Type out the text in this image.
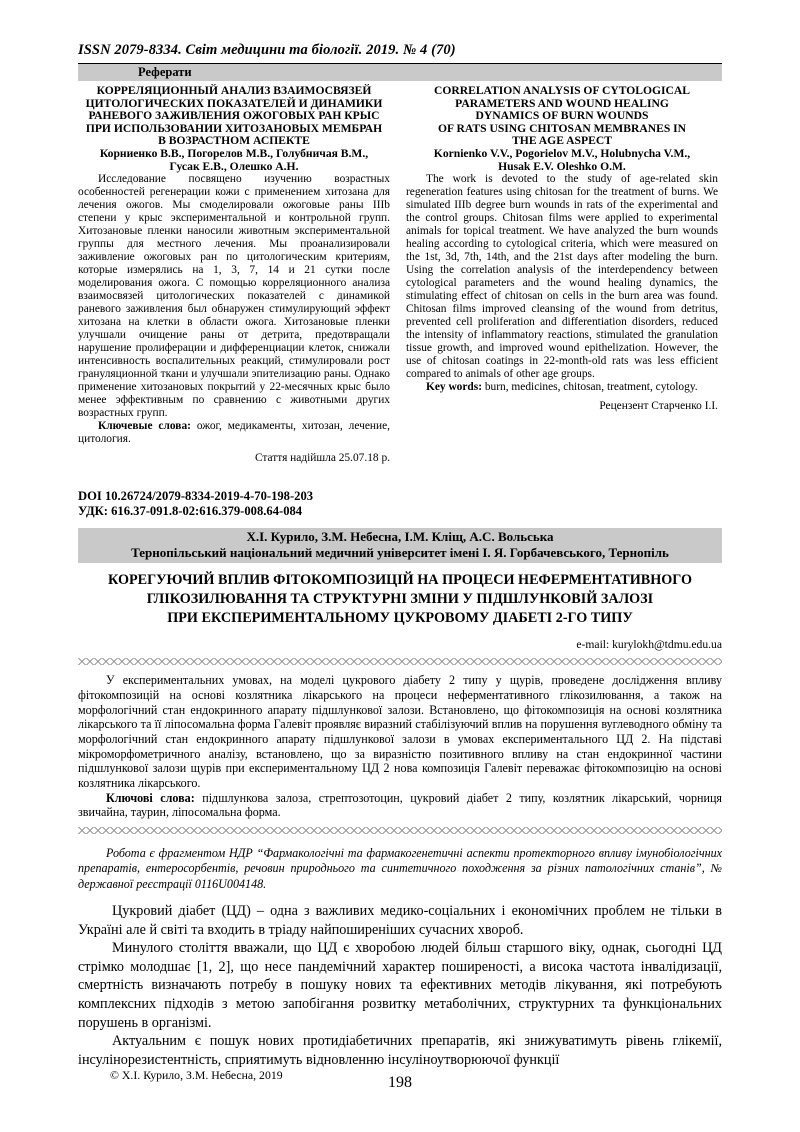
ISSN 2079-8334. Світ медицини та біології. 2019. № 4 (70)
Реферати
КОРРЕЛЯЦИОННЫЙ АНАЛИЗ ВЗАИМОСВЯЗЕЙ
ЦИТОЛОГИЧЕСКИХ ПОКАЗАТЕЛЕЙ И ДИНАМИКИ
РАНЕВОГО ЗАЖИВЛЕНИЯ ОЖОГОВЫХ РАН КРЫС
ПРИ ИСПОЛЬЗОВАНИИ ХИТОЗАНОВЫХ МЕМБРАН
В ВОЗРАСТНОМ АСПЕКТЕ
Корниенко В.В., Погорелов М.В., Голубничая В.М.,
Гусак Е.В., Олешко А.Н.

Исследование посвящено изучению возрастных особенностей регенерации кожи с применением хитозана для лечения ожогов. Мы смоделировали ожоговые раны IIIb степени у крыс экспериментальной и контрольной групп. Хитозановые пленки наносили животным экспериментальной группы для местного лечения. Мы проанализировали заживление ожоговых ран по цитологическим критериям, которые измерялись на 1, 3, 7, 14 и 21 сутки после моделирования ожога. С помощью корреляционного анализа взаимосвязей цитологических показателей с динамикой раневого заживления был обнаружен стимулирующий эффект хитозана на клетки в области ожога. Хитозановые пленки улучшали очищение раны от детрита, предотвращали нарушение пролиферации и дифференциации клеток, снижали интенсивность воспалительных реакций, стимулировали рост грануляционной ткани и улучшали эпителизацию раны. Однако применение хитозановых покрытий у 22-месячных крыс было менее эффективным по сравнению с животными других возрастных групп.

Ключевые слова: ожог, медикаменты, хитозан, лечение, цитология.

Стаття надійшла 25.07.18 р.
CORRELATION ANALYSIS OF CYTOLOGICAL
PARAMETERS AND WOUND HEALING
DYNAMICS OF BURN WOUNDS
OF RATS USING CHITOSAN MEMBRANES IN
THE AGE ASPECT
Kornienko V.V., Pogorielov M.V., Holubnycha V.M.,
Husak E.V. Oleshko O.M.

The work is devoted to the study of age-related skin regeneration features using chitosan for the treatment of burns. We simulated IIIb degree burn wounds in rats of the experimental and the control groups. Chitosan films were applied to experimental animals for topical treatment. We have analyzed the burn wounds healing according to cytological criteria, which were measured on the 1st, 3d, 7th, 14th, and the 21st days after modeling the burn. Using the correlation analysis of the interdependency between cytological parameters and the wound healing dynamics, the stimulating effect of chitosan on cells in the burn area was found. Chitosan films improved cleansing of the wound from detritus, prevented cell proliferation and differentiation disorders, reduced the intensity of inflammatory reactions, stimulated the granulation tissue growth, and improved wound epithelization. However, the use of chitosan coatings in 22-month-old rats was less efficient compared to animals of other age groups.

Key words: burn, medicines, chitosan, treatment, cytology.

Рецензент Старченко І.І.
DOI 10.26724/2079-8334-2019-4-70-198-203
УДК: 616.37-091.8-02:616.379-008.64-084
Х.І. Курило, З.М. Небесна, І.М. Кліщ, А.С. Вольська
Тернопільський національний медичний університет імені І. Я. Горбачевського, Тернопіль
КОРЕГУЮЧИЙ ВПЛИВ ФІТОКОМПОЗИЦІЙ НА ПРОЦЕСИ НЕФЕРМЕНТАТИВНОГО
ГЛІКОЗИЛЮВАННЯ ТА СТРУКТУРНІ ЗМІНИ У ПІДШЛУНКОВІЙ ЗАЛОЗІ
ПРИ ЕКСПЕРИМЕНТАЛЬНОМУ ЦУКРОВОМУ ДІАБЕТІ 2-ГО ТИПУ
e-mail: kurylokh@tdmu.edu.ua

У експериментальних умовах, на моделі цукрового діабету 2 типу у щурів, проведене дослідження впливу фітокомпозицій на основі козлятника лікарського на процеси неферментативного глікозилювання, а також на морфологічний стан ендокринного апарату підшлункової залози. Встановлено, що фітокомпозиція на основі козлятника лікарського та її ліпосомальна форма Галевіт проявляє виразний стабілізуючий вплив на порушення вуглеводного обміну та морфологічний стан ендокринного апарату підшлункової залози в умовах експериментального ЦД 2. На підставі мікроморфометричного аналізу, встановлено, що за виразністю позитивного впливу на стан ендокринної частини підшлункової залози щурів при експериментальному ЦД 2 нова композиція Галевіт переважає фітокомпозицію на основі козлятника лікарського.

Ключові слова: підшлункова залоза, стрептозотоцин, цукровий діабет 2 типу, козлятник лікарський, чорниця звичайна, таурин, ліпосомальна форма.

Робота є фрагментом НДР “Фармакологічні та фармакогенетичні аспекти протекторного впливу імунобіологічних препаратів, ентеросорбентів, речовин природнього та синтетичного походження за різних патологічних станів”, № державної реєстрації 0116U004148.

Цукровий діабет (ЦД) – одна з важливих медико-соціальних і економічних проблем не тільки в Україні але й світі та входить в тріаду найпоширеніших сучасних хвороб.

Минулого століття вважали, що ЦД є хворобою людей більш старшого віку, однак, сьогодні ЦД стрімко молодшає [1, 2], що несе пандемічний характер поширеності, а висока частота інвалідизації, смертність визначають потребу в пошуку нових та ефективних методів лікування, які потребують комплексних підходів з метою запобігання розвитку метаболічних, структурних та функціональних порушень в організмі.

Актуальним є пошук нових протидіабетичних препаратів, які знижуватимуть рівень глікемії, інсулінорезистентність, сприятимуть відновленню інсуліноутворюючої функції

© Х.І. Курило, З.М. Небесна, 2019	198
